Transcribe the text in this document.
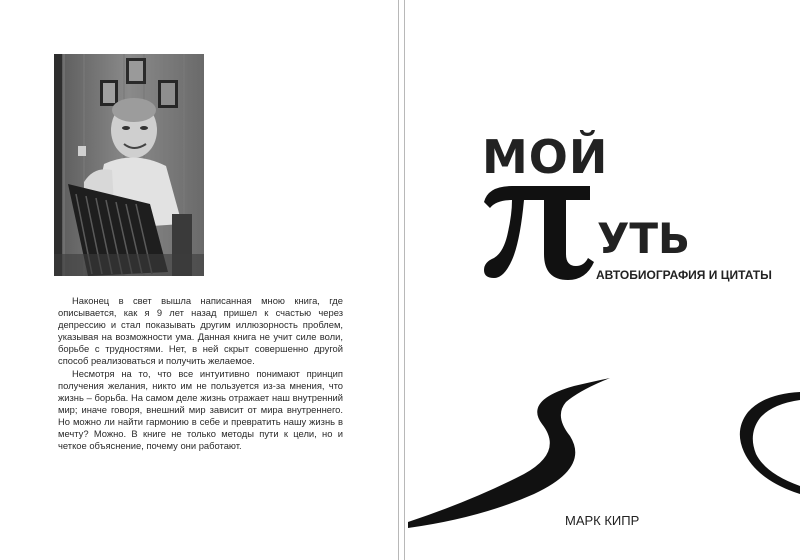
Наконец в свет вышла написанная мною книга, где описывается, как я 9 лет назад пришел к счастью через депрессию и стал показывать другим иллюзорность проблем, указывая на возможности ума. Данная книга не учит силе воли, борьбе с трудностями. Нет, в ней скрыт совершенно другой способ реализоваться и получить желаемое.

Несмотря на то, что все интуитивно понимают принцип получения желания, никто им не пользуется из-за мнения, что жизнь – борьба. На самом деле жизнь отражает наш внутренний мир; иначе говоря, внешний мир зависит от мира внутреннего. Но можно ли найти гармонию в себе и превратить нашу жизнь в мечту? Можно. В книге не только методы пути к цели, но и четкое объяснение, почему они работают.

МОЙ
УТЬ
АВТОБИОГРАФИЯ И ЦИТАТЫ
МАРК КИПР
